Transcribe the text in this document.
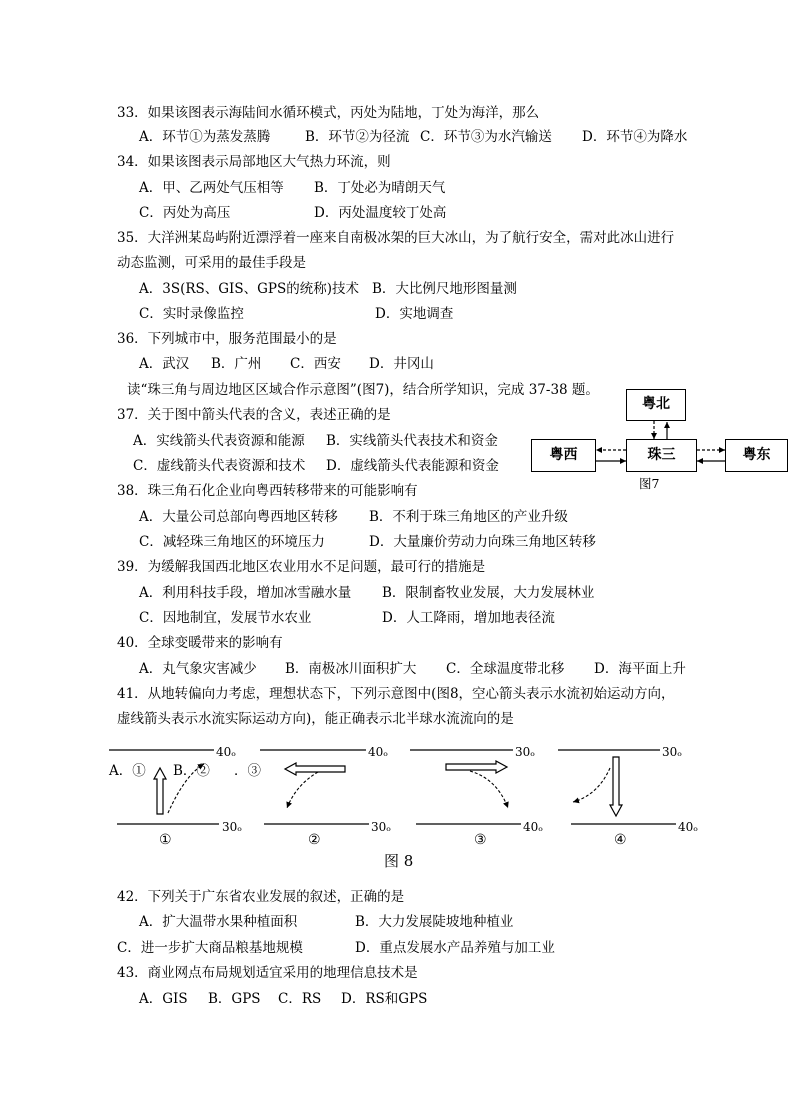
33．如果该图表示海陆间水循环模式，丙处为陆地，丁处为海洋，那么
A．环节①为蒸发蒸腾	B．环节②为径流 C．环节③为水汽输送 D．环节④为降水
34．如果该图表示局部地区大气热力环流，则
A．甲、乙两处气压相等 B．丁处必为晴朗天气
C．丙处为高压	D．丙处温度较丁处高
35．大洋洲某岛屿附近漂浮着一座来自南极冰架的巨大冰山，为了航行安全，需对此冰山进行
动态监测，可采用的最佳手段是
A．3S(RS、GIS、GPS的统称)技术 B．大比例尺地形图量测
C．实时录像监控	D．实地调查
36．下列城市中，服务范围最小的是
A．武汉 B．广州 C．西安 D．井冈山
读“珠三角与周边地区区域合作示意图”(图7)，结合所学知识，完成 37-38 题。
37．关于图中箭头代表的含义，表述正确的是
A．实线箭头代表资源和能源 B．实线箭头代表技术和资金
C．虚线箭头代表资源和技术 D．虚线箭头代表能源和资金
粤北
粤西	珠三	粤东
图7
38．珠三角石化企业向粤西转移带来的可能影响有
A．大量公司总部向粤西地区转移 B．不利于珠三角地区的产业升级
C．减轻珠三角地区的环境压力	D．大量廉价劳动力向珠三角地区转移
39．为缓解我国西北地区农业用水不足问题，最可行的措施是
A．利用科技手段，增加冰雪融水量 B．限制畜牧业发展，大力发展林业
C．因地制宜，发展节水农业	D．人工降雨，增加地表径流
40．全球变暖带来的影响有
A．丸气象灾害减少 B．南极冰川面积扩大 C．全球温度带北移 D．海平面上升
41．从地转偏向力考虑，理想状态下，下列示意图中(图8，空心箭头表示水流初始运动方向，
虚线箭头表示水流实际运动方向)，能正确表示北半球水流流向的是
A．① B．② ．③
40ₒ
30ₒ
40ₒ
30ₒ
30ₒ
40ₒ
30ₒ
40ₒ
①	②	③	④
图 8
42．下列关于广东省农业发展的叙述，正确的是
A．扩大温带水果种植面积	B．大力发展陡坡地种植业
C．进一步扩大商品粮基地规模	D．重点发展水产品养殖与加工业
43．商业网点布局规划适宜采用的地理信息技术是
A．GIS B．GPS C．RS D．RS和GPS
